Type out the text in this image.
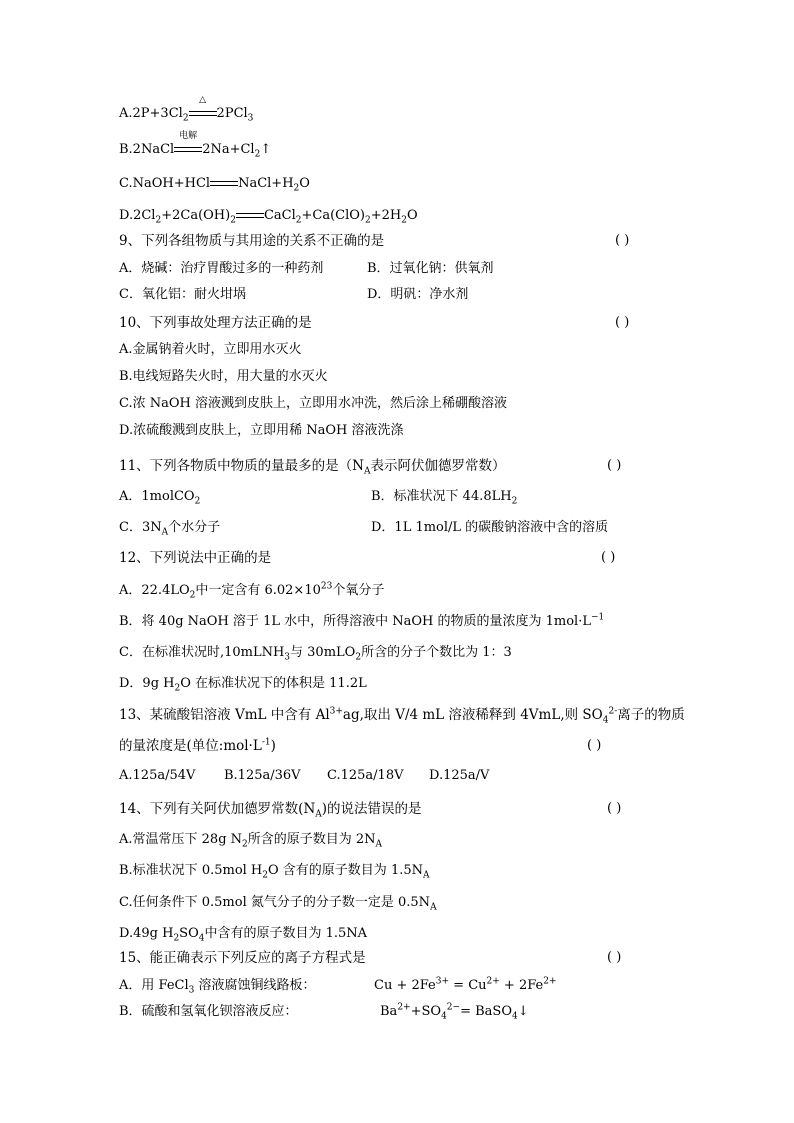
$A.2P+3Cl_2$
△
2PCl$_3$
B.2NaCl
电解
$2Na+Cl_2↑$
C.NaOH+HCl $NaCl+H_2O$
$D.2Cl_2+2Ca(OH)_2$ $CaCl_2+Ca(ClO)_2+2H_2O$
9、下列各组物质与其用途的关系不正确的是	( )
A．烧碱：治疗胃酸过多的一种药剂	B．过氧化钠：供氧剂
C．氧化铝：耐火坩埚	D．明矾：净水剂
10、下列事故处理方法正确的是	( )
A.金属钠着火时，立即用水灭火
B.电线短路失火时，用大量的水灭火
C.浓 NaOH 溶液溅到皮肤上，立即用水冲洗，然后涂上稀硼酸溶液
D.浓硫酸溅到皮肤上，立即用稀 NaOH 溶液洗涤
11、下列各物质中物质的量最多的是（$N_A$表示阿伏伽德罗常数）	( )
A．1molCO$_2$	B．标准状况下 $44.8LH_2$
C．$3N_A$个水分子	D．1L 1mol/L 的碳酸钠溶液中含的溶质
12、下列说法中正确的是	( )
A．$22.4LO_2$中一定含有 $6.02\times 10^{23}$个氧分子
B．将 40g NaOH 溶于 1L 水中，所得溶液中 NaOH 的物质的量浓度为 $1mol\cdot L^{-1}$
C．在标准状况时,10mLNH$_3$与 30mLO$_2$所含的分子个数比为 1：3
D．9g $H_2O$ 在标准状况下的体积是 11.2L
13、某硫酸铝溶液 VmL 中含有 $Al^{3+}ag$,取出 V/4 mL 溶液稀释到 4VmL,则 $SO_4^{2-}$离子的物质
的量浓度是(单位$:mol\cdot L^{-1}$)	( )
A.125a/54V B.125a/36V C.125a/18V D.125a/V
14、下列有关阿伏加德罗常数$(N_A)$的说法错误的是	( )
A.常温常压下 28g $N_2$所含的原子数目为 $2N_A$
B.标准状况下 0.5mol $H_2O$ 含有的原子数目为 $1.5N_A$
C.任何条件下 0.5mol 氮气分子的分子数一定是 $0.5N_A$
D.49g $H_2SO_4$中含有的原子数目为 1.5NA
15、能正确表示下列反应的离子方程式是	( )
A．用 FeCl$_3$ 溶液腐蚀铜线路板：	$Cu + 2Fe^{3+} = Cu^{2+} + 2Fe^{2+}$
B．硫酸和氢氧化钡溶液反应：	$Ba^{2+}+SO_4^{2-}=$ BaSO$_4$↓
